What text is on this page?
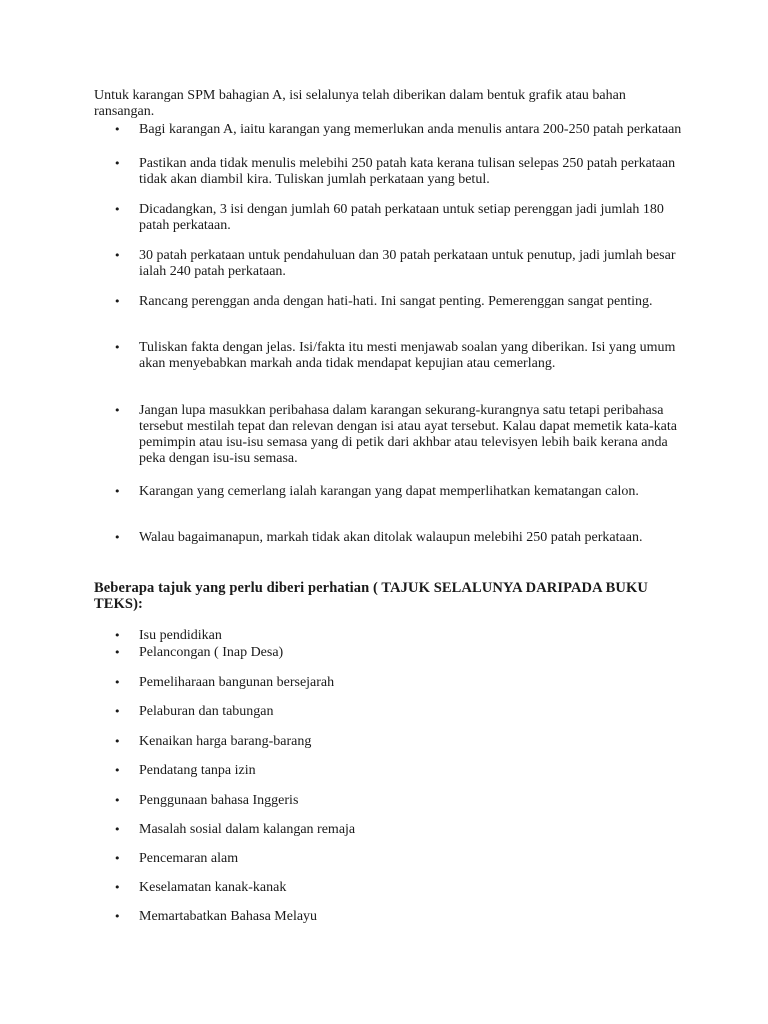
Untuk karangan SPM bahagian A, isi selalunya telah diberikan dalam bentuk grafik atau bahan ransangan.

• Bagi karangan A, iaitu karangan yang memerlukan anda menulis antara 200-250 patah perkataan
• Pastikan anda tidak menulis melebihi 250 patah kata kerana tulisan selepas 250 patah perkataan tidak akan diambil kira. Tuliskan jumlah perkataan yang betul.
• Dicadangkan, 3 isi dengan jumlah 60 patah perkataan untuk setiap perenggan jadi jumlah 180 patah perkataan.
• 30 patah perkataan untuk pendahuluan dan 30 patah perkataan untuk penutup, jadi jumlah besar ialah 240 patah perkataan.
• Rancang perenggan anda dengan hati-hati. Ini sangat penting. Pemerenggan sangat penting.
• Tuliskan fakta dengan jelas. Isi/fakta itu mesti menjawab soalan yang diberikan. Isi yang umum akan menyebabkan markah anda tidak mendapat kepujian atau cemerlang.
• Jangan lupa masukkan peribahasa dalam karangan sekurang-kurangnya satu tetapi peribahasa tersebut mestilah tepat dan relevan dengan isi atau ayat tersebut. Kalau dapat memetik kata-kata pemimpin atau isu-isu semasa yang di petik dari akhbar atau televisyen lebih baik kerana anda peka dengan isu-isu semasa.
• Karangan yang cemerlang ialah karangan yang dapat memperlihatkan kematangan calon.
• Walau bagaimanapun, markah tidak akan ditolak walaupun melebihi 250 patah perkataan.

Beberapa tajuk yang perlu diberi perhatian ( TAJUK SELALUNYA DARIPADA BUKU TEKS):

• Isu pendidikan
• Pelancongan ( Inap Desa)
• Pemeliharaan bangunan bersejarah
• Pelaburan dan tabungan
• Kenaikan harga barang-barang
• Pendatang tanpa izin
• Penggunaan bahasa Inggeris
• Masalah sosial dalam kalangan remaja
• Pencemaran alam
• Keselamatan kanak-kanak
• Memartabatkan Bahasa Melayu
